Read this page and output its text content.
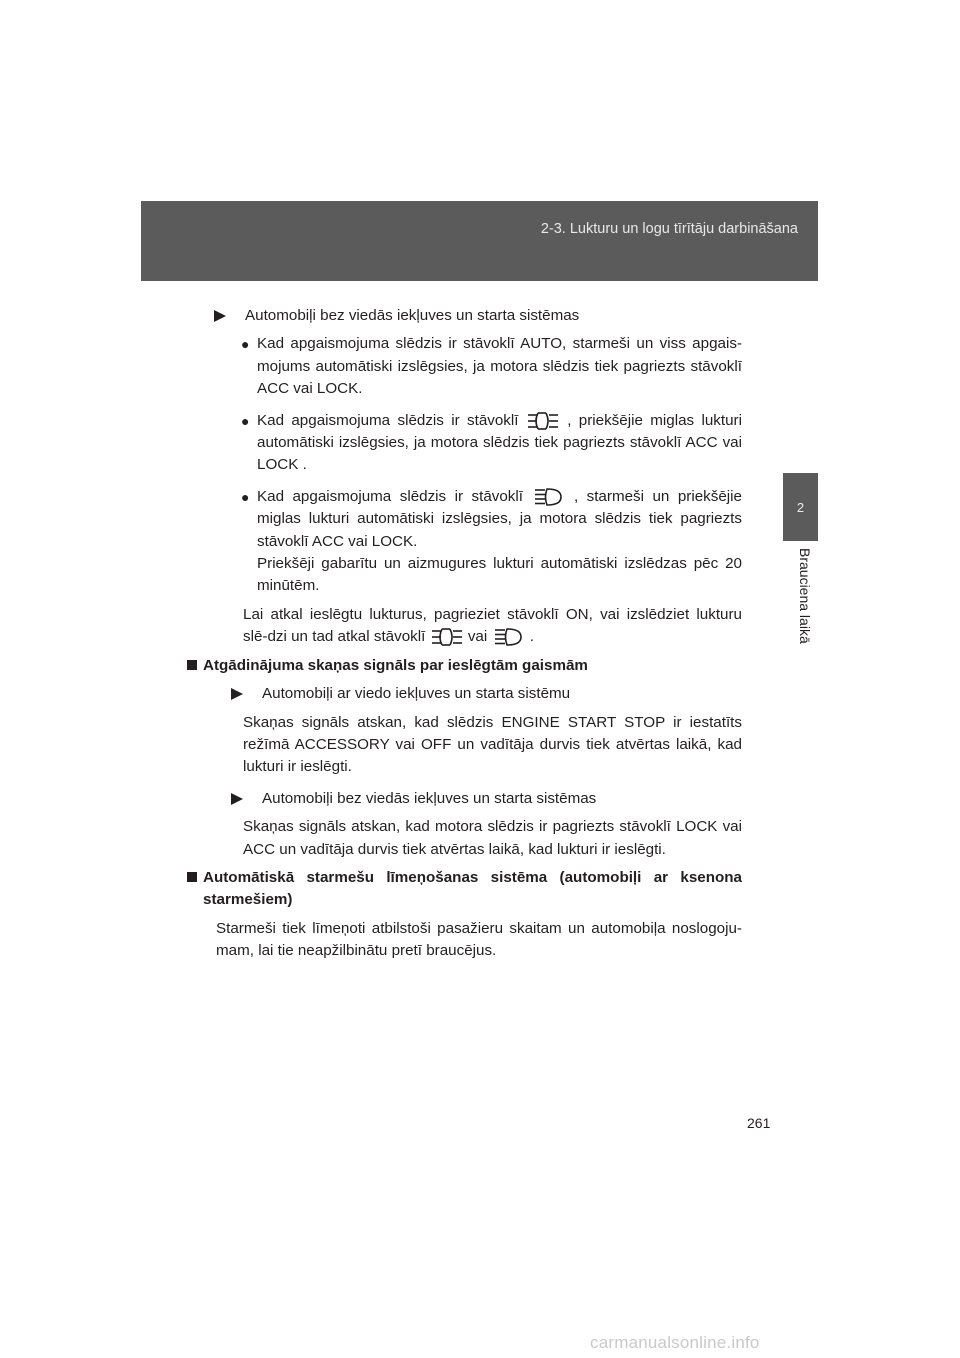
2-3. Lukturu un logu tīrītāju darbināšana
2
Braucienа laikā

Automobiļi bez viedās iekļuves un starta sistēmas

● Kad apgaismojuma slēdzis ir stāvoklī AUTO, starmeši un viss apgais-mojums automātiski izslēgsies, ja motora slēdzis tiek pagriezts stāvoklī ACC vai LOCK.

● Kad apgaismojuma slēdzis ir stāvoklī	, priekšējie miglas lukturi automātiski izslēgsies, ja motora slēdzis tiek pagriezts stāvoklī ACC vai LOCK .

● Kad apgaismojuma slēdzis ir stāvoklī	, starmeši un priekšējie miglas lukturi automātiski izslēgsies, ja motora slēdzis tiek pagriezts stāvoklī ACC vai LOCK.
Priekšēji gabarītu un aizmugures lukturi automātiski izslēdzas pēc 20 minūtēm.

Lai atkal ieslēgtu lukturus, pagrieziet stāvoklī ON, vai izslēdziet lukturu slē-dzi un tad atkal stāvoklī	vai	.

Atgādinājuma skaņas signāls par ieslēgtām gaismām

Automobiļi ar viedo iekļuves un starta sistēmu

Skaņas signāls atskan, kad slēdzis ENGINE START STOP ir iestatīts režīmā ACCESSORY vai OFF un vadītāja durvis tiek atvērtas laikā, kad lukturi ir ieslēgti.

Automobiļi bez viedās iekļuves un starta sistēmas

Skaņas signāls atskan, kad motora slēdzis ir pagriezts stāvoklī LOCK vai ACC un vadītāja durvis tiek atvērtas laikā, kad lukturi ir ieslēgti.

Automātiskā starmešu līmeņošanas sistēma (automobiļi ar ksenona starmešiem)

Starmeši tiek līmeņoti atbilstoši pasažieru skaitam un automobiļa noslogoju-mam, lai tie neapžilbinātu pretī braucējus.

261
carmanualsonline.info
